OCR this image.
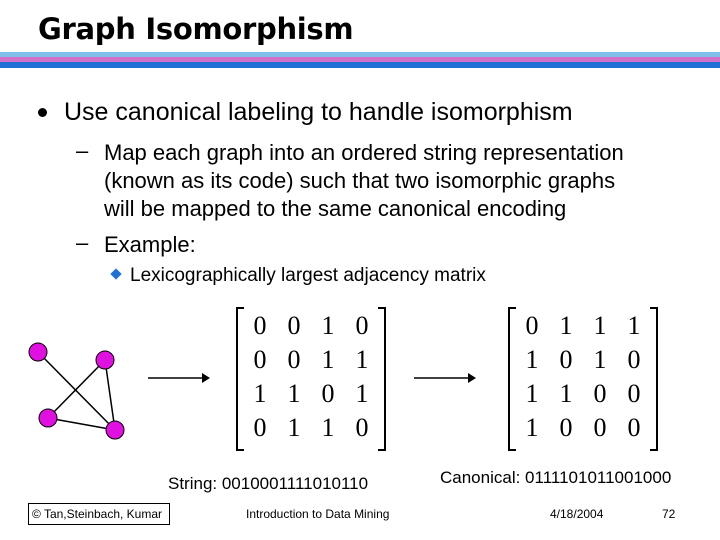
Graph Isomorphism
Use canonical labeling to handle isomorphism
– Map each graph into an ordered string representation
(known as its code) such that two isomorphic graphs
will be mapped to the same canonical encoding
– Example:
Lexicographically largest adjacency matrix
0 0 1 0
0 0 1 1
1 1 0 1
0 1 1 0
0 1 1 1
1 0 1 0
1 1 0 0
1 0 0 0
String: 0010001111010110	Canonical: 0111101011001000
© Tan,Steinbach, Kumar	Introduction to Data Mining	4/18/2004	72
